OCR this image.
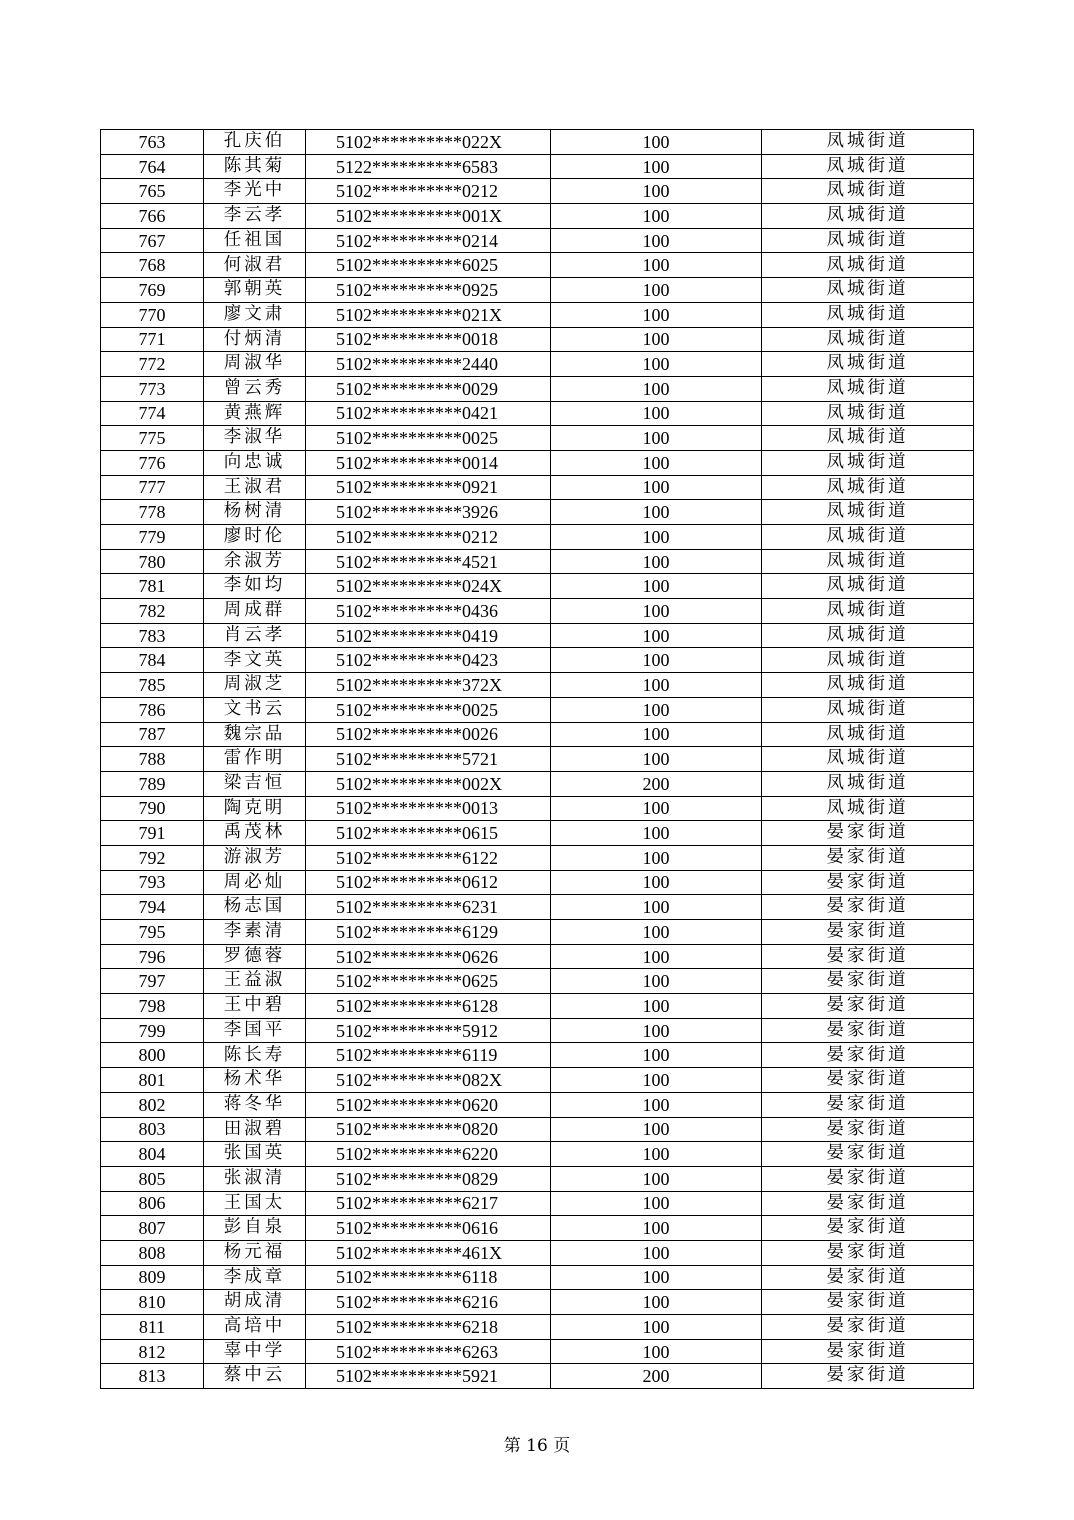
763	孔庆伯	5102**********022X	100	凤城街道
764	陈其菊	5122**********6583	100	凤城街道
765	李光中	5102**********0212	100	凤城街道
766	李云孝	5102**********001X	100	凤城街道
767	任祖国	5102**********0214	100	凤城街道
768	何淑君	5102**********6025	100	凤城街道
769	郭朝英	5102**********0925	100	凤城街道
770	廖文肃	5102**********021X	100	凤城街道
771	付炳清	5102**********0018	100	凤城街道
772	周淑华	5102**********2440	100	凤城街道
773	曾云秀	5102**********0029	100	凤城街道
774	黄燕辉	5102**********0421	100	凤城街道
775	李淑华	5102**********0025	100	凤城街道
776	向忠诚	5102**********0014	100	凤城街道
777	王淑君	5102**********0921	100	凤城街道
778	杨树清	5102**********3926	100	凤城街道
779	廖时伦	5102**********0212	100	凤城街道
780	余淑芳	5102**********4521	100	凤城街道
781	李如均	5102**********024X	100	凤城街道
782	周成群	5102**********0436	100	凤城街道
783	肖云孝	5102**********0419	100	凤城街道
784	李文英	5102**********0423	100	凤城街道
785	周淑芝	5102**********372X	100	凤城街道
786	文书云	5102**********0025	100	凤城街道
787	魏宗品	5102**********0026	100	凤城街道
788	雷作明	5102**********5721	100	凤城街道
789	梁吉恒	5102**********002X	200	凤城街道
790	陶克明	5102**********0013	100	凤城街道
791	禹茂林	5102**********0615	100	晏家街道
792	游淑芳	5102**********6122	100	晏家街道
793	周必灿	5102**********0612	100	晏家街道
794	杨志国	5102**********6231	100	晏家街道
795	李素清	5102**********6129	100	晏家街道
796	罗德蓉	5102**********0626	100	晏家街道
797	王益淑	5102**********0625	100	晏家街道
798	王中碧	5102**********6128	100	晏家街道
799	李国平	5102**********5912	100	晏家街道
800	陈长寿	5102**********6119	100	晏家街道
801	杨术华	5102**********082X	100	晏家街道
802	蒋冬华	5102**********0620	100	晏家街道
803	田淑碧	5102**********0820	100	晏家街道
804	张国英	5102**********6220	100	晏家街道
805	张淑清	5102**********0829	100	晏家街道
806	王国太	5102**********6217	100	晏家街道
807	彭自泉	5102**********0616	100	晏家街道
808	杨元福	5102**********461X	100	晏家街道
809	李成章	5102**********6118	100	晏家街道
810	胡成清	5102**********6216	100	晏家街道
811	高培中	5102**********6218	100	晏家街道
812	辜中学	5102**********6263	100	晏家街道
813	蔡中云	5102**********5921	200	晏家街道
第 16 页
